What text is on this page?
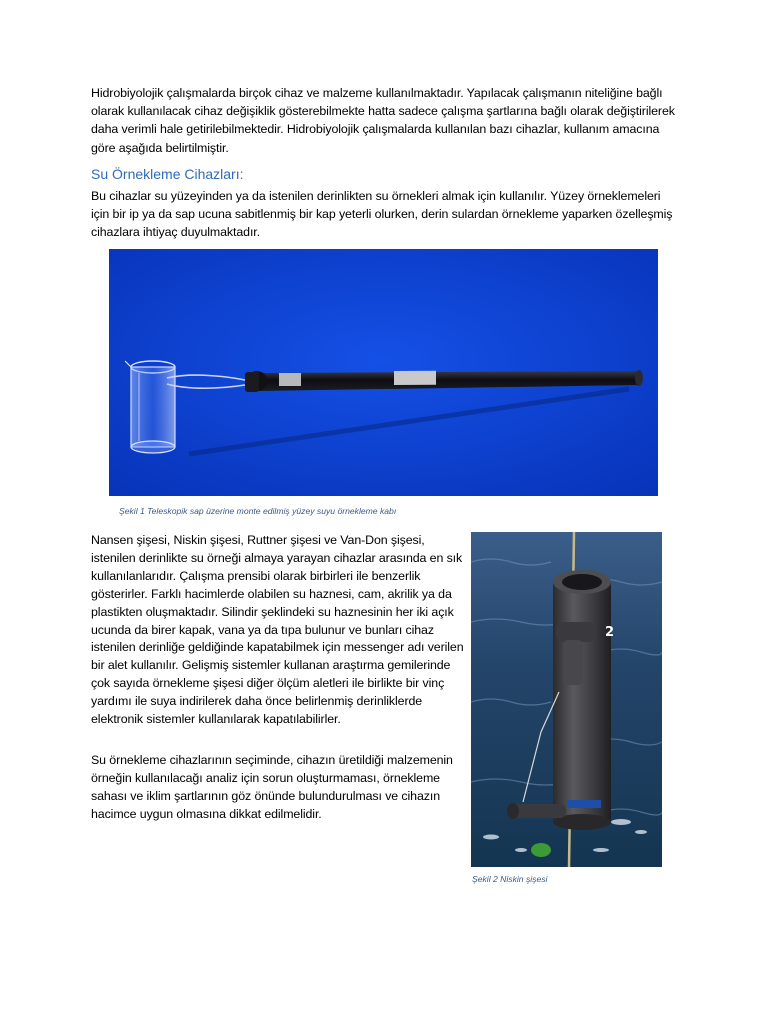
Hidrobiyolojik çalışmalarda birçok cihaz ve malzeme kullanılmaktadır. Yapılacak çalışmanın niteliğine bağlı olarak kullanılacak cihaz değişiklik gösterebilmekte hatta sadece çalışma şartlarına bağlı olarak değiştirilerek daha verimli hale getirilebilmektedir. Hidrobiyolojik çalışmalarda kullanılan bazı cihazlar, kullanım amacına göre aşağıda belirtilmiştir.

Su Örnekleme Cihazları:

Bu cihazlar su yüzeyinden ya da istenilen derinlikten su örnekleri almak için kullanılır. Yüzey örneklemeleri için bir ip ya da sap ucuna sabitlenmiş bir kap yeterli olurken, derin sulardan örnekleme yaparken özelleşmiş cihazlara ihtiyaç duyulmaktadır.

Şekil 1 Teleskopik sap üzerine monte edilmiş yüzey suyu örnekleme kabı

Nansen şişesi, Niskin şişesi, Ruttner şişesi ve Van-Don şişesi, istenilen derinlikte su örneği almaya yarayan cihazlar arasında en sık kullanılanlarıdır. Çalışma prensibi olarak birbirleri ile benzerlik gösterirler. Farklı hacimlerde olabilen su haznesi, cam, akrilik ya da plastikten oluşmaktadır. Silindir şeklindeki su haznesinin her iki açık ucunda da birer kapak, vana ya da tıpa bulunur ve bunları cihaz istenilen derinliğe geldiğinde kapatabilmek için messenger adı verilen bir alet kullanılır. Gelişmiş sistemler kullanan araştırma gemilerinde çok sayıda örnekleme şişesi diğer ölçüm aletleri ile birlikte bir vinç yardımı ile suya indirilerek daha önce belirlenmiş derinliklerde elektronik sistemler kullanılarak kapatılabilirler.

Su örnekleme cihazlarının seçiminde, cihazın üretildiği malzemenin örneğin kullanılacağı analiz için sorun oluşturmaması, örnekleme sahası ve iklim şartlarının göz önünde bulundurulması ve cihazın hacimce uygun olmasına dikkat edilmelidir.

2
Şekil 2 Niskin şişesi
